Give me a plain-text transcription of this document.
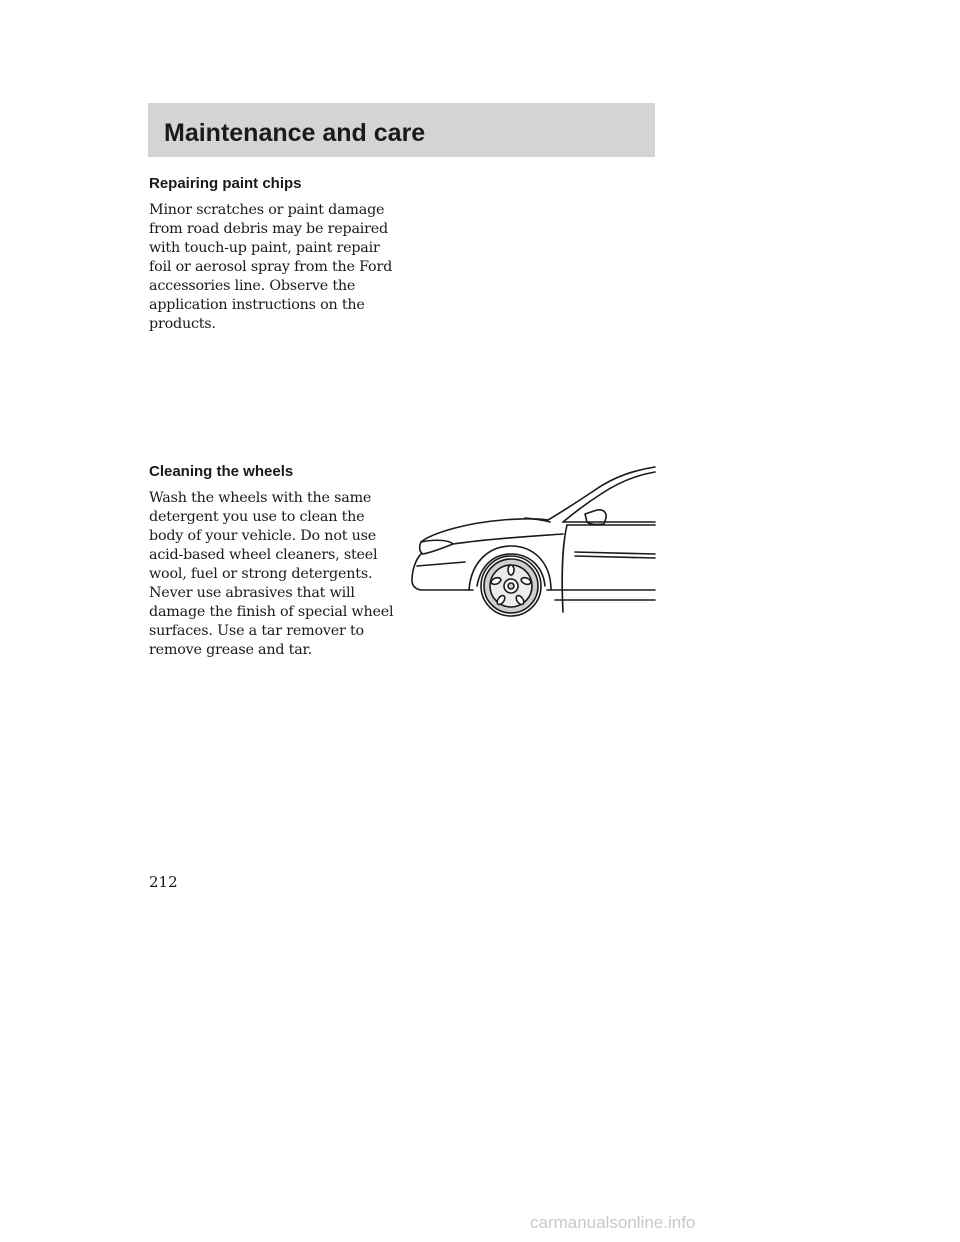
Maintenance and care
Repairing paint chips

Minor scratches or paint damage from road debris may be repaired with touch-up paint, paint repair foil or aerosol spray from the Ford accessories line. Observe the application instructions on the products.

Cleaning the wheels

Wash the wheels with the same detergent you use to clean the body of your vehicle. Do not use acid-based wheel cleaners, steel wool, fuel or strong detergents. Never use abrasives that will damage the finish of special wheel surfaces. Use a tar remover to remove grease and tar.

212
carmanualsonline.info
